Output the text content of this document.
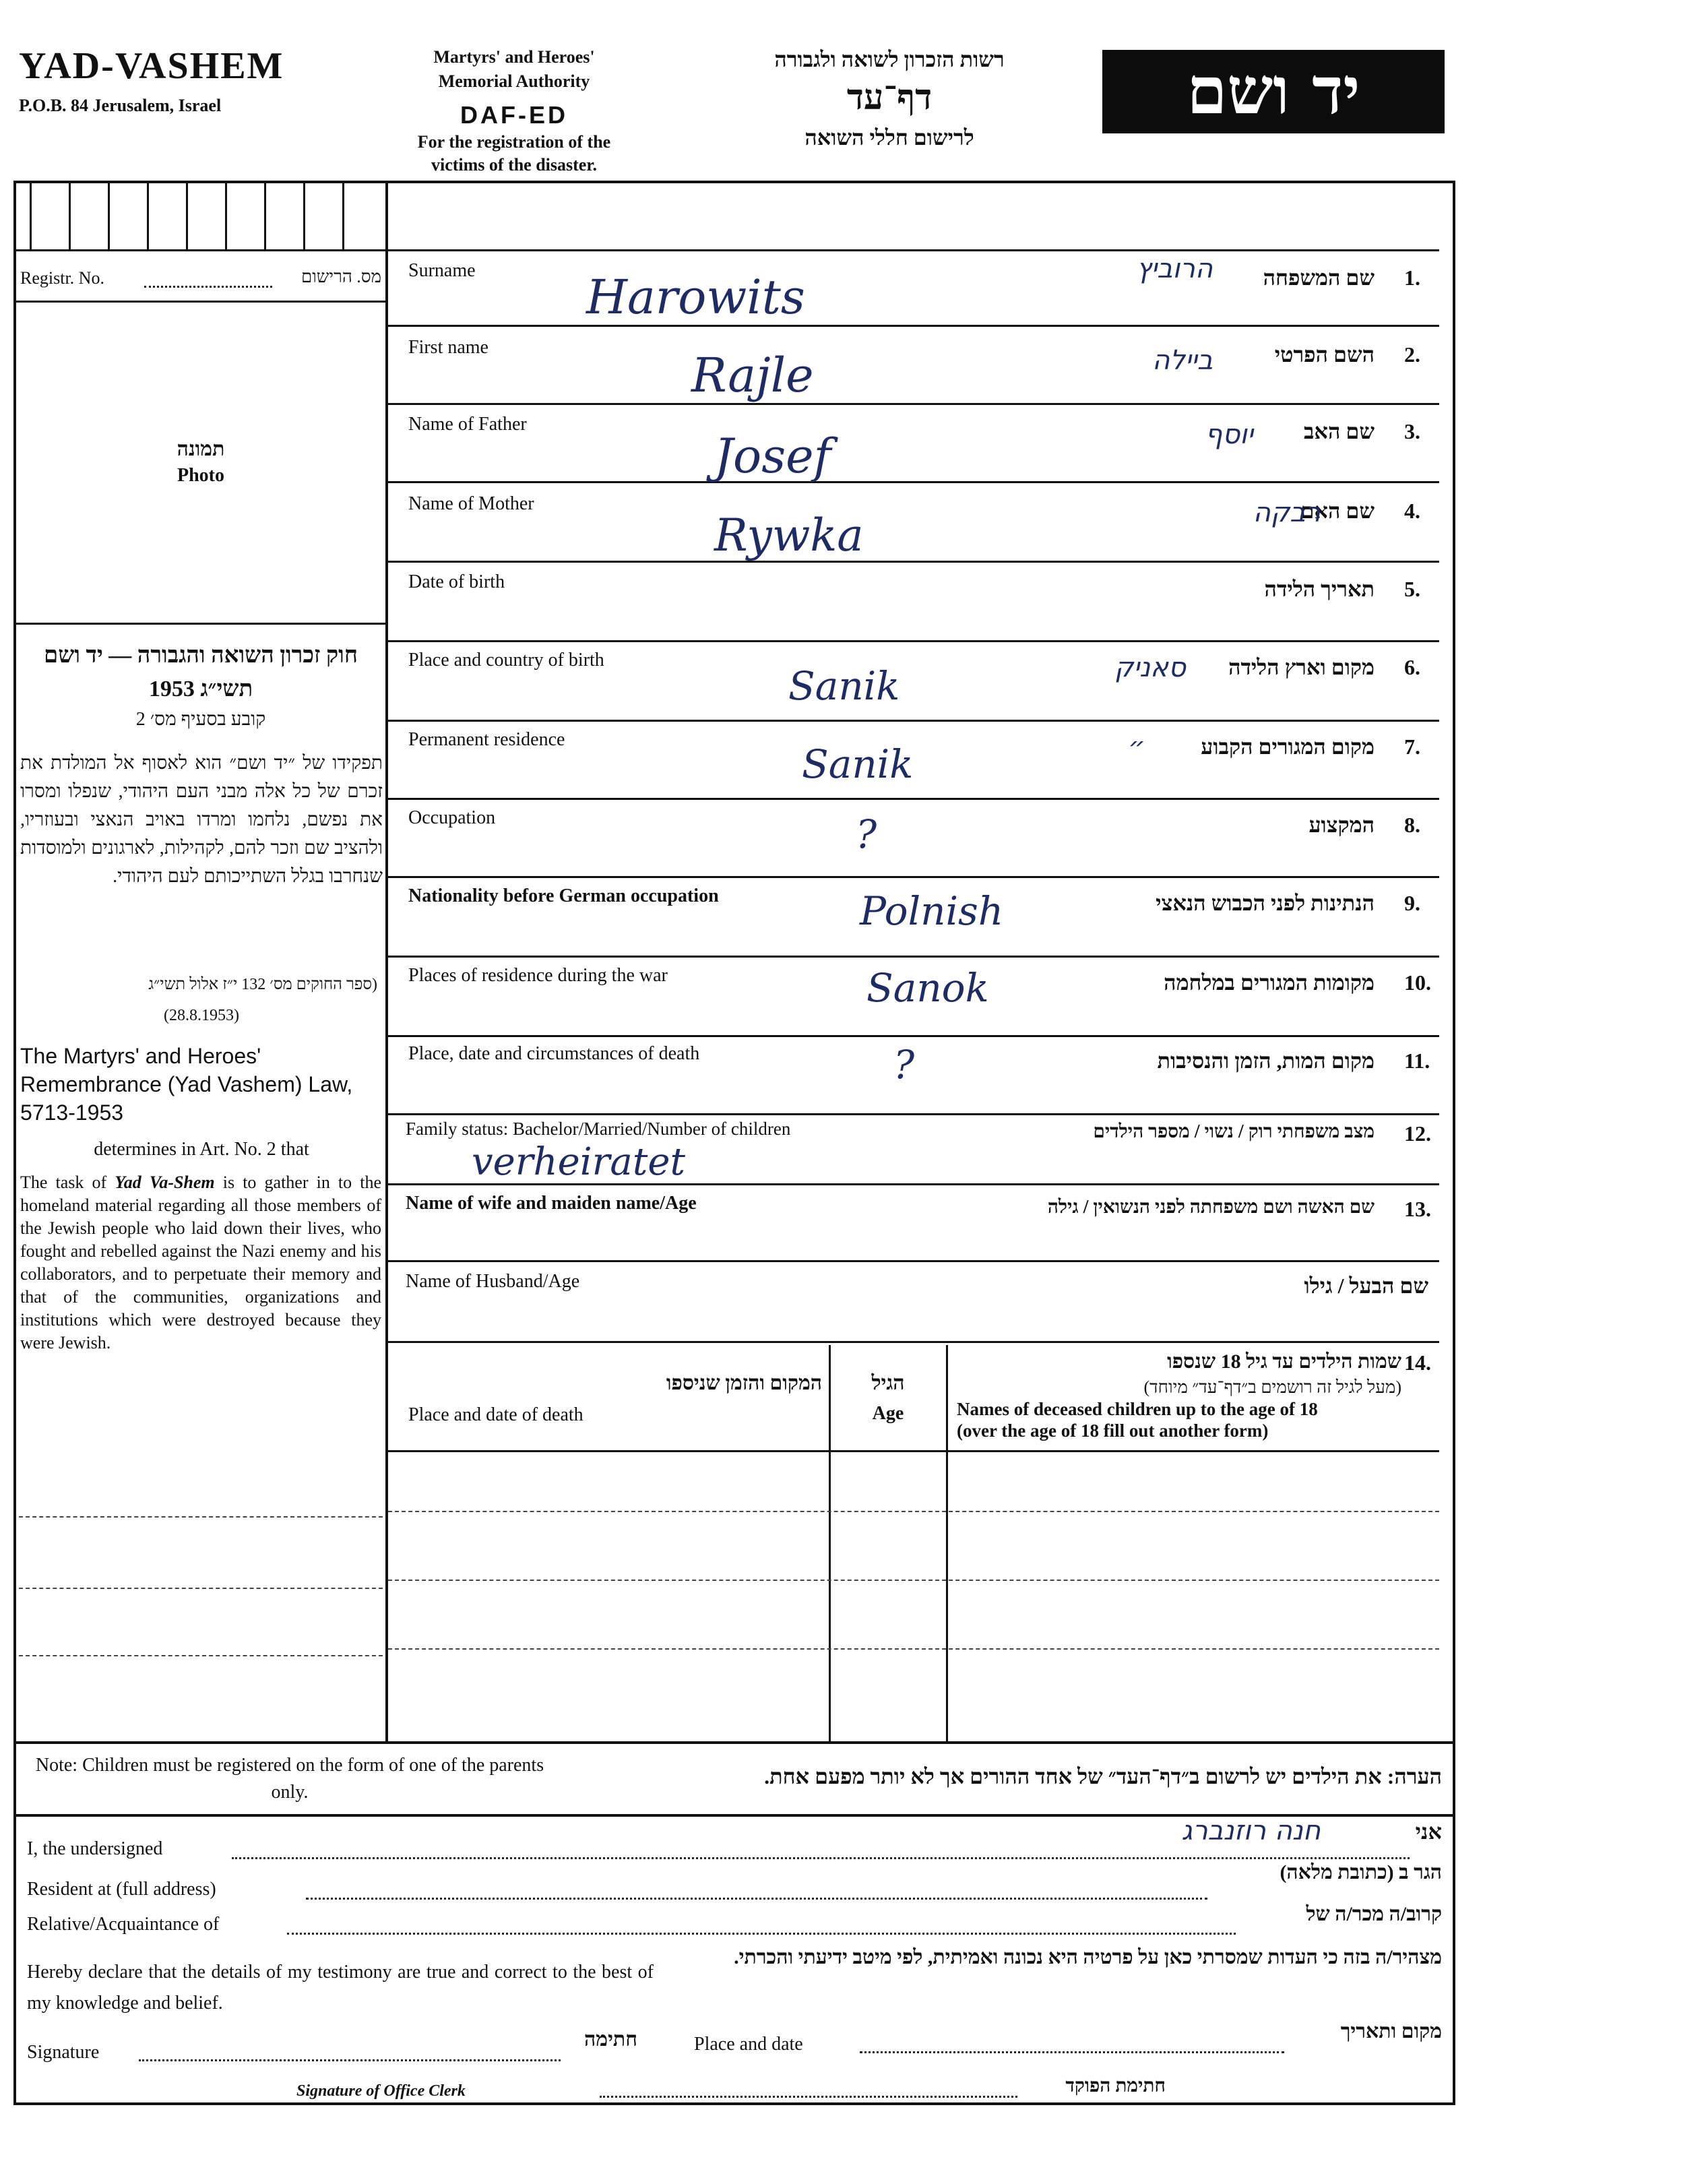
YAD-VASHEM
P.O.B. 84 Jerusalem, Israel
Martyrs' and Heroes'
Memorial Authority
DAF-ED
For the registration of the
victims of the disaster.
רשות הזכרון לשואה ולגבורה
דף־עד
לרישום חללי השואה
יד ושם
Registr. No.	מס. הרישום
תמונה
Photo
חוק זכרון השואה והגבורה — יד ושם תשי״ג 1953
קובע בסעיף מס׳ 2
תפקידו של ״יד ושם״ הוא לאסוף אל המולדת את זכרם של כל אלה מבני העם היהודי, שנפלו ומסרו את נפשם, נלחמו ומרדו באויב הנאצי ובעוזריו, ולהציב שם וזכר להם, לקהילות, לארגונים ולמוסדות שנחרבו בגלל השתייכותם לעם היהודי.
(ספר החוקים מס׳ 132 י״ז אלול תשי״ג
(28.8.1953)
The Martyrs' and Heroes' Remembrance (Yad Vashem) Law, 5713-1953
determines in Art. No. 2 that
The task of Yad Va-Shem is to gather in to the homeland material regarding all those members of the Jewish people who laid down their lives, who fought and rebelled against the Nazi enemy and his collaborators, and to perpetuate their memory and that of the communities, organizations and institutions which were destroyed because they were Jewish.
Surname	שם המשפחה 1.
Harowits
הרוביץ
First name	השם הפרטי 2.
Rajle	ביילה
Name of Father	שם האב 3.
Josef	יוסף
Name of Mother	שם האם 4.
Rywka	רבקה
Date of birth	תאריך הלידה 5.
Place and country of birth	מקום וארץ הלידה 6.
Sanik	סאניק
Permanent residence	מקום המגורים הקבוע 7.
Sanik	״
Occupation	המקצוע 8.
?
Nationality before German occupation	הנתינות לפני הכבוש הנאצי 9.
Polnish
Places of residence during the war	מקומות המגורים במלחמה 10.
Sanok
Place, date and circumstances of death	מקום המות, הזמן והנסיבות 11.
?
Family status: Bachelor/Married/Number of children	מצב משפחתי רוק / נשוי / מספר הילדים 12.
verheiratet
Name of wife and maiden name/Age	שם האשה ושם משפחתה לפני הנשואין / גילה 13.
Name of Husband/Age	שם הבעל / גילו
14.
שמות הילדים עד גיל 18 שנספו
(מעל לגיל זה רושמים ב״דף־עד״ מיוחד)
Names of deceased children up to the age of 18
(over the age of 18 fill out another form)
הגיל
Age
המקום והזמן שניספו
Place and date of death
Note: Children must be registered on the form of one of the parents only.
הערה: את הילדים יש לרשום ב״דף־העד״ של אחד ההורים אך לא יותר מפעם אחת.
I, the undersigned
אני
חנה רוזנברג
Resident at (full address)
הגר ב (כתובת מלאה)
Relative/Acquaintance of	קרוב/ה מכר/ה של
Hereby declare that the details of my testimony are true and correct to the best of my knowledge and belief.
מצהיר/ה בזה כי העדות שמסרתי כאן על פרטיה היא נכונה ואמיתית, לפי מיטב ידיעתי והכרתי.
Signature
חתימה	Place and date
מקום ותאריך
Signature of Office Clerk	חתימת הפוקד
